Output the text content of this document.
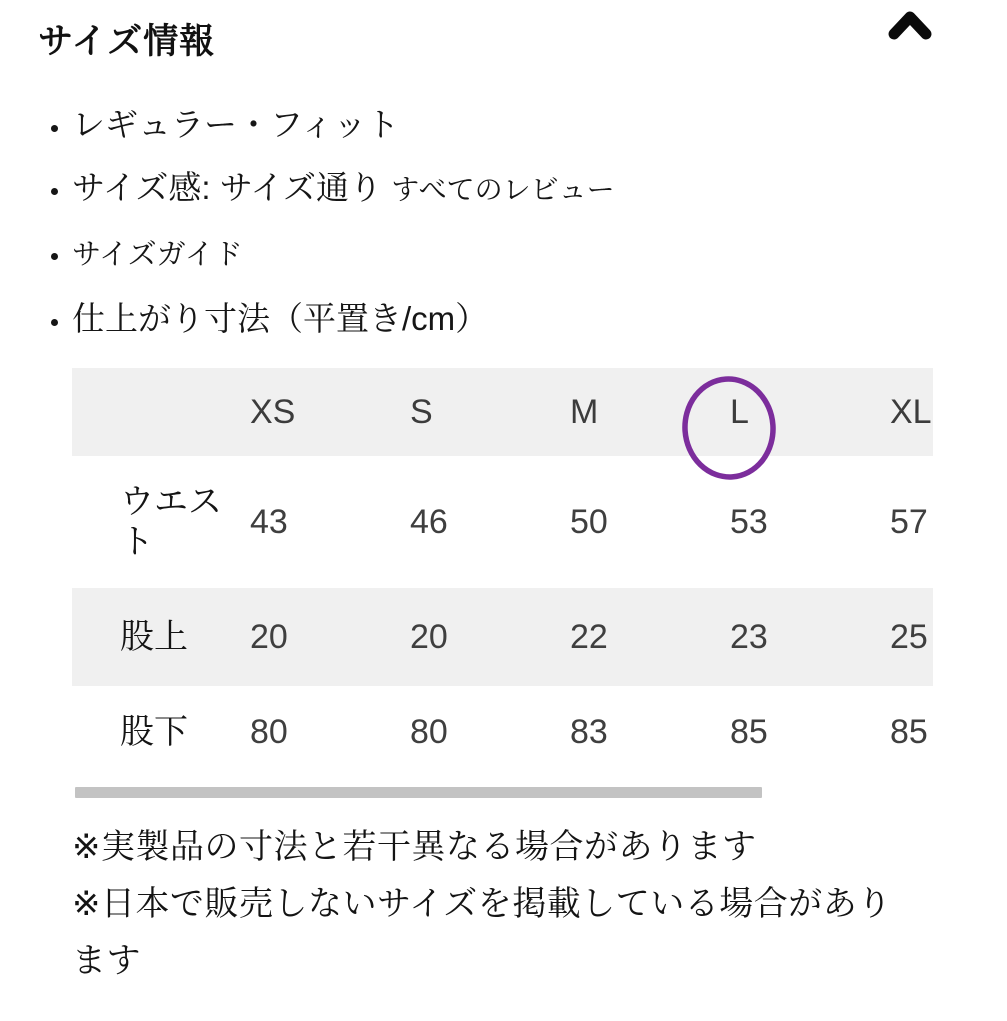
サイズ情報
• レギュラー・フィット
• サイズ感: サイズ通り すべてのレビュー
• サイズガイド
• 仕上がり寸法（平置き/cm）
	XS	S	M	L	XL
ウエスト	43	46	50	53	57
股上	20	20	22	23	25
股下	80	80	83	85	85

※実製品の寸法と若干異なる場合があります

※日本で販売しないサイズを掲載している場合があります
